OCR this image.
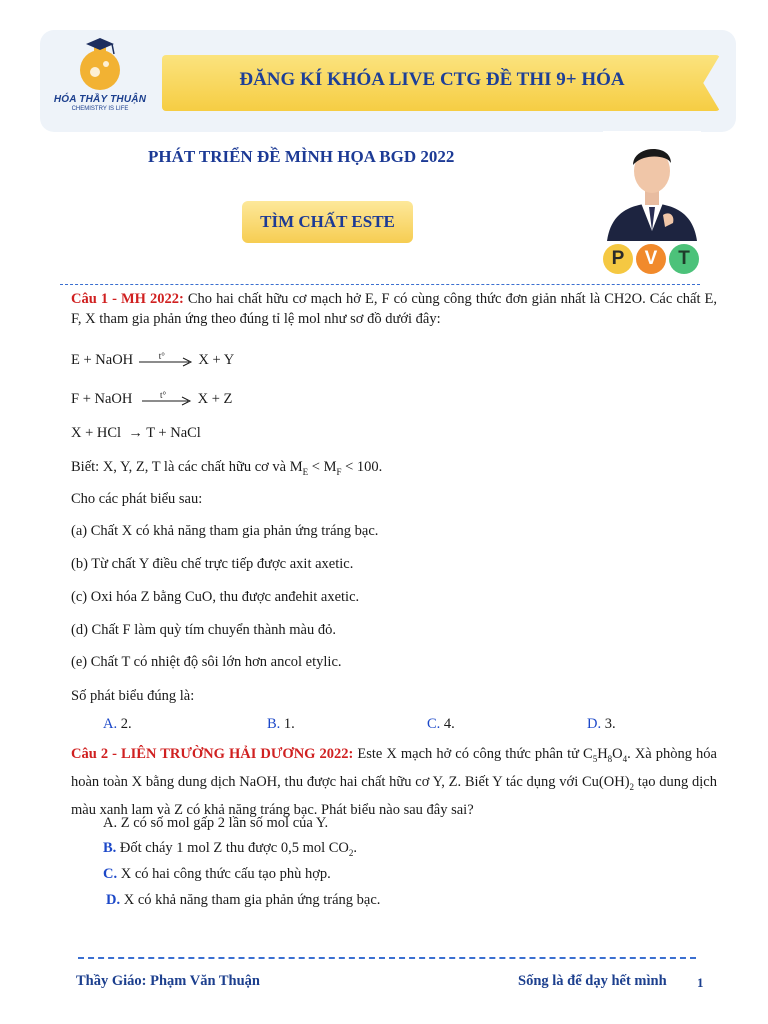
HÓA THẦY THUẬN
CHEMISTRY IS LIFE
ĐĂNG KÍ KHÓA LIVE CTG ĐỀ THI 9+ HÓA
PHÁT TRIỂN ĐỀ MÌNH HỌA BGD 2022
TÌM CHẤT ESTE
P	V	T
Câu 1 - MH 2022: Cho hai chất hữu cơ mạch hở E, F có cùng công thức đơn giản nhất là CH2O. Các chất E, F, X tham gia phản ứng theo đúng tỉ lệ mol như sơ đồ dưới đây:
E + NaOH	t° X + Y
F + NaOH	t° X + Z
X + HCl → T + NaCl
Biết: X, Y, Z, T là các chất hữu cơ và $M_E < M_F < 100$.
Cho các phát biểu sau:
(a) Chất X có khả năng tham gia phản ứng tráng bạc.
(b) Từ chất Y điều chế trực tiếp được axit axetic.
(c) Oxi hóa Z bằng CuO, thu được anđehit axetic.
(d) Chất F làm quỳ tím chuyển thành màu đỏ.
(e) Chất T có nhiệt độ sôi lớn hơn ancol etylic.
Số phát biểu đúng là:
A. 2.	B. 1.	C. 4.	D. 3.
Câu 2 - LIÊN TRƯỜNG HẢI DƯƠNG 2022: Este X mạch hở có công thức phân tử $C_5H_8O_4$. Xà phòng hóa hoàn toàn X bằng dung dịch NaOH, thu được hai chất hữu cơ Y, Z. Biết Y tác dụng với $Cu(OH)_2$ tạo dung dịch màu xanh lam và Z có khả năng tráng bạc. Phát biểu nào sau đây sai?
A. Z có số mol gấp 2 lần số mol của Y.
B. Đốt cháy 1 mol Z thu được 0,5 mol $CO_2$.
C. X có hai công thức cấu tạo phù hợp.
D. X có khả năng tham gia phản ứng tráng bạc.
Thầy Giáo: Phạm Văn Thuận	Sống là để dạy hết mình 1
